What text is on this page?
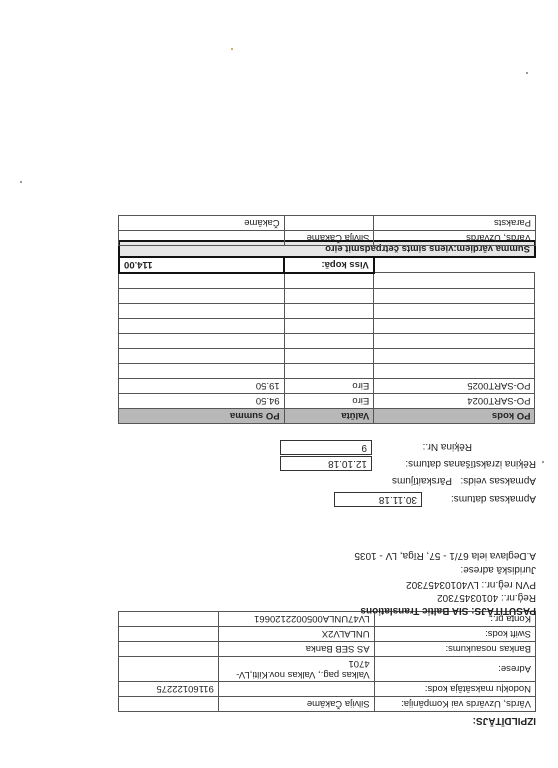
IZPILDĪTĀJS:
Vārds, Uzvārds vai Kompānija:	Silvija Čakāme	
Nodokļu maksātāja kods:		91160122275
Adrese:	Valkas pag., Valkas nov.Kilti,LV-4701	
Bankas nosaukums:	AS SEB Banka	
Swift kods:	UNLALV2X	
Konta nr.:	LV47UNLA0050022120661	
PASŪTĪTĀJS: SIA Baltic Translations
Reģ.nr.: 40103457302
PVN reģ.nr.: LV40103457302
Juridiskā adrese:
A.Deglava iela 67/1 - 57, Rīga, LV - 1035
Apmaksas datums:
30.11.18
Apmaksas veids:
Pārskaitījums
Rēķina izrakstīšanas datums:
12.10.18
Rēķina Nr.:
9
PO kods	Valūta	PO summa
PO-SART0024	Eiro	94.50
PO-SART0025	Eiro	19.50

	Viss kopā:	114.00
Summa vārdiem:viens simts četrpadsmit eiro		
Vārds, Uzvārds	Silvija Čakāme	
Paraksts		Čakāme
